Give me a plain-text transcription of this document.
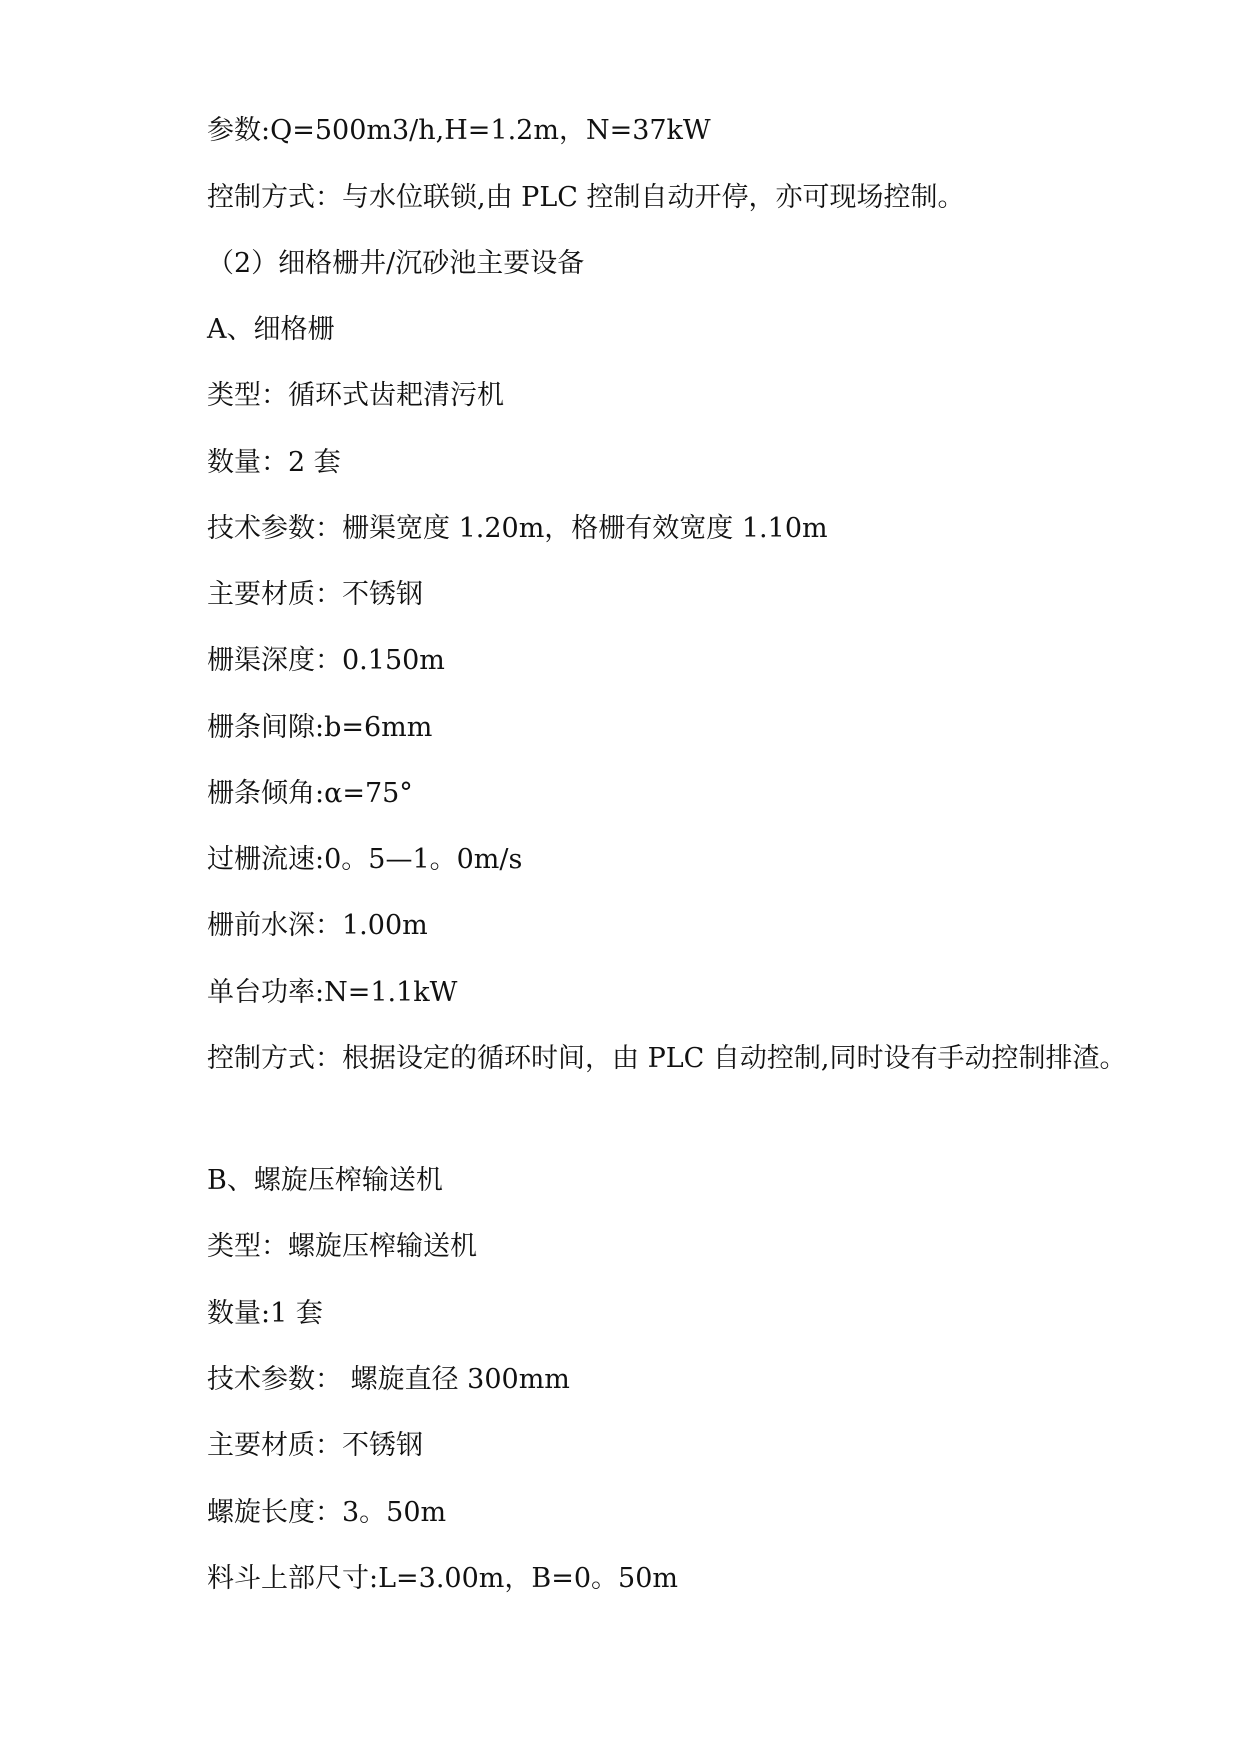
参数:Q=500m3/h,H=1.2m，N=37kW
控制方式：与水位联锁,由 PLC 控制自动开停，亦可现场控制。
（2）细格栅井/沉砂池主要设备
A、细格栅
类型：循环式齿耙清污机
数量：2 套
技术参数：栅渠宽度 1.20m，格栅有效宽度 1.10m
主要材质：不锈钢
栅渠深度：0.150m
栅条间隙:b=6mm
栅条倾角:α=75°
过栅流速:0。5—1。0m/s
栅前水深：1.00m
单台功率:N=1.1kW
控制方式：根据设定的循环时间，由 PLC 自动控制,同时设有手动控制排渣。
B、螺旋压榨输送机
类型：螺旋压榨输送机
数量:1 套
技术参数： 螺旋直径 300mm
主要材质：不锈钢
螺旋长度：3。50m
料斗上部尺寸:L=3.00m，B=0。50m
